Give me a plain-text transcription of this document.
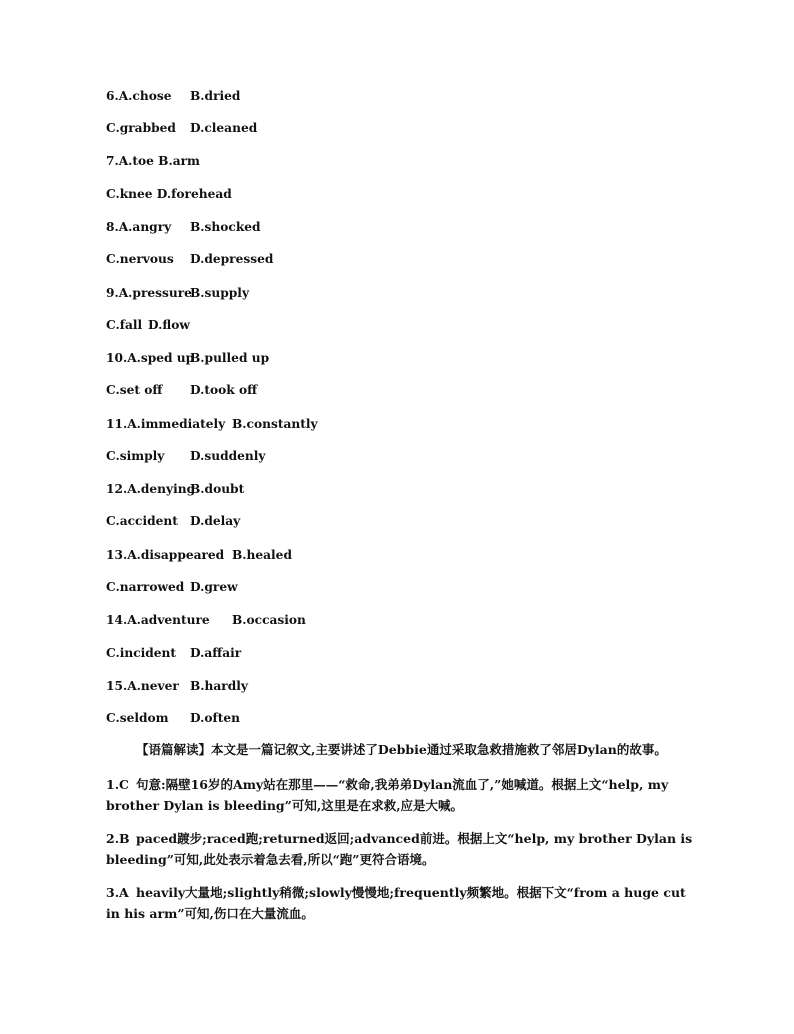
6.A.chose B.dried
C.grabbed D.cleaned
7.A.toe B.arm
C.knee D.forehead
8.A.angry B.shocked
C.nervous D.depressed
9.A.pressure
B.supply
C.fall D.flow
10.A.sped up
B.pulled up
C.set off D.took off
11.A.immediately B.constantly
C.simply D.suddenly
12.A.denying
B.doubt
C.accident D.delay
13.A.disappeared B.healed
C.narrowed D.grew
14.A.adventure B.occasion
C.incident D.affair
15.A.never B.hardly
C.seldom D.often
【语篇解读】本文是一篇记叙文,主要讲述了Debbie通过采取急救措施救了邻居Dylan的故事。
1.C 句意:隔壁16岁的Amy站在那里——“救命,我弟弟Dylan流血了,”她喊道。根据上文“help, my brother Dylan is bleeding”可知,这里是在求救,应是大喊。
2.B paced踱步;raced跑;returned返回;advanced前进。根据上文“help, my brother Dylan is bleeding”可知,此处表示着急去看,所以“跑”更符合语境。
3.A heavily大量地;slightly稍微;slowly慢慢地;frequently频繁地。根据下文“from a huge cut in his arm”可知,伤口在大量流血。
